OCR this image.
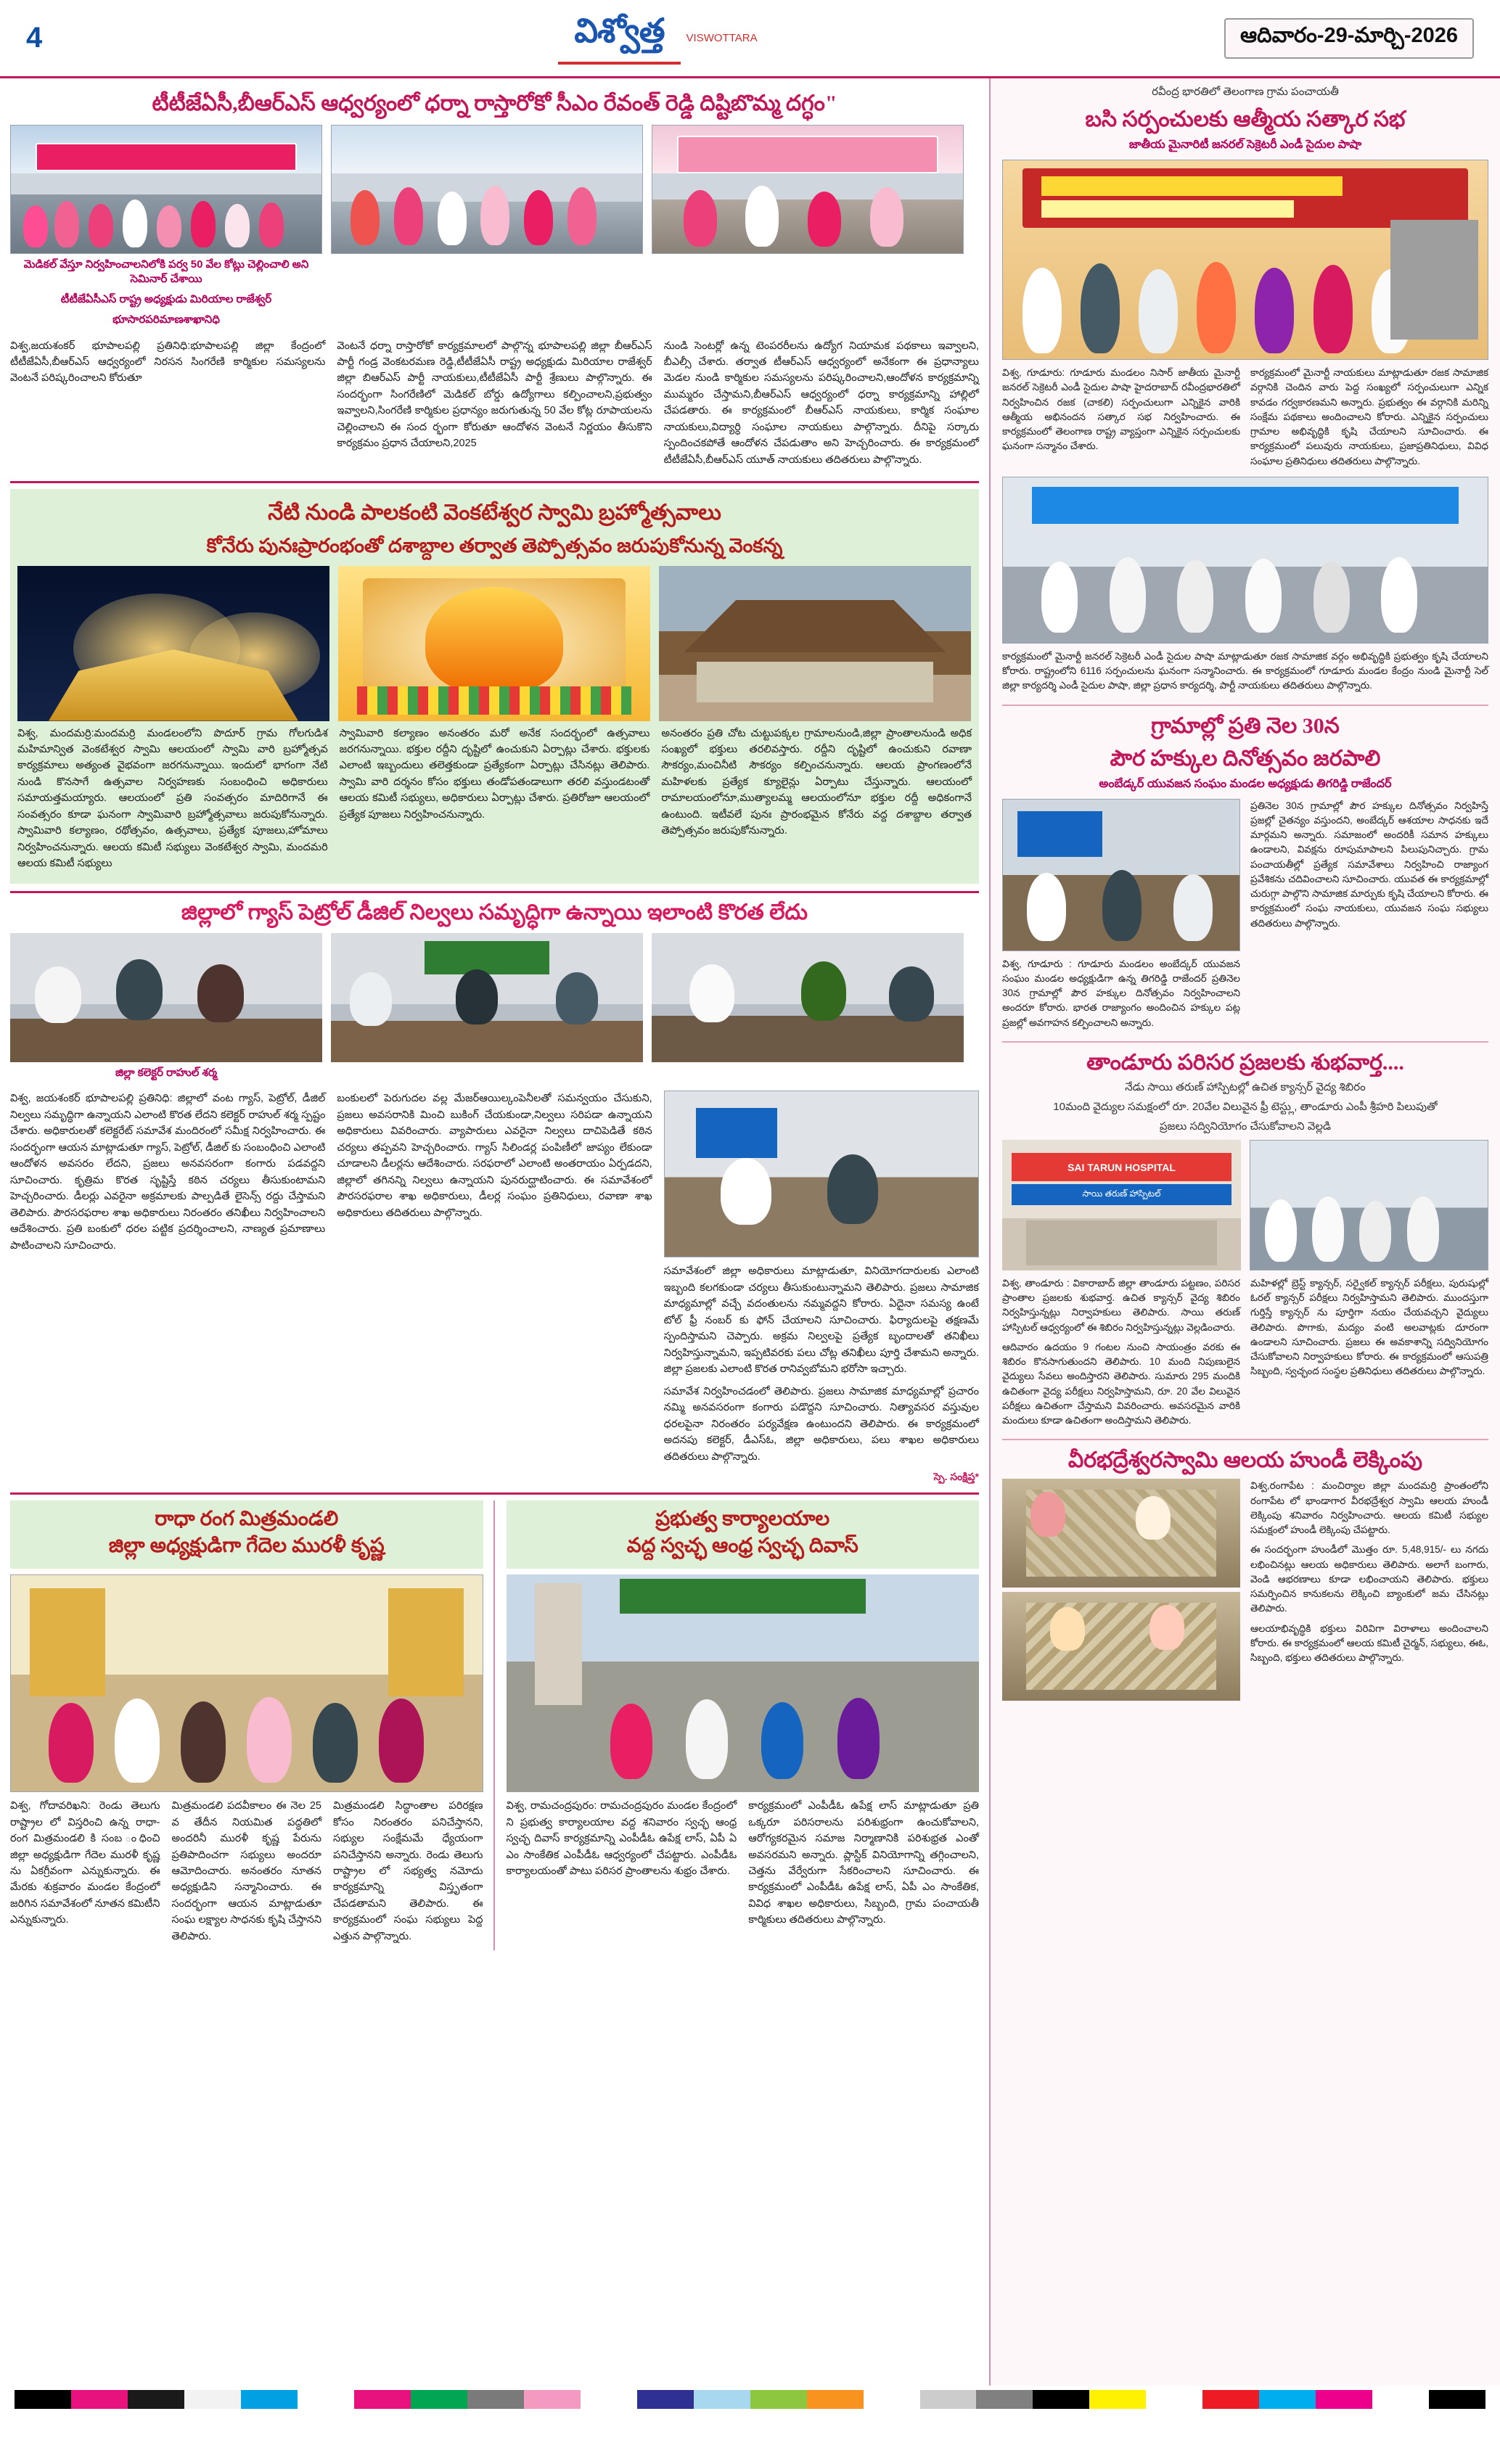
4	విశ్వోత్త	VISWOTTARA	ఆదివారం-29-మార్చి-2026
టీటీజేఏసీ,బీఆర్ఎస్ ఆధ్వర్యంలో ధర్నా రాస్తారోకో సీఎం రేవంత్ రెడ్డి దిష్టిబొమ్మ దగ్ధం"
మెడికల్ వేస్తూ నిర్వహించాలనిలోకి పర్వ 50 వేల కోట్లు చెల్లించాలి అని సెమినార్ చేశాయి
టీటీజేఏసీఎస్ రాష్ట్ర అధ్యక్షుడు మిరియాల రాజేశ్వర్
భూసారపరిమాణశాఖానిధి

విశ్వ,జయశంకర్ భూపాలపల్లి ప్రతినిధి:భూపాలపల్లి జిల్లా కేంద్రంలో టీటీజేఏసీ,బీఆర్ఎస్ ఆధ్వర్యంలో నిరసన సింగరేణి కార్మికుల సమస్యలను వెంటనే పరిష్కరించాలని కోరుతూ

వెంటనే ధర్నా రాస్తారోకో కార్యక్రమాలలో పాల్గొన్న భూపాలపల్లి జిల్లా బీఆర్ఎస్ పార్టీ గండ్ర వెంకటరమణ రెడ్డి,టీటీజేఏసీ రాష్ట్ర అధ్యక్షుడు మిరియాల రాజేశ్వర్ జిల్లా బిఆర్ఎస్ పార్టీ నాయకులు,టీటీజేఏసీ పార్టీ శ్రేణులు పాల్గొన్నారు. ఈ సందర్భంగా సింగరేణిలో మెడికల్ బోర్డు ఉద్యోగాలు కల్పించాలని,ప్రభుత్వం ఇవ్వాలని,సింగరేణి కార్మికుల ప్రధాన్యం జరుగుతున్న 50 వేల కోట్ల రూపాయలను చెల్లించాలని ఈ సంద ర్భంగా కోరుతూ ఆందోళన వెంటనే నిర్ణయం తీసుకొని కార్యక్రమం ప్రధాన చేయాలని,2025

నుండి సెంటర్లో ఉన్న టెంపరరీలను ఉద్యోగ నియామక పథకాలు ఇవ్వాలని, బీఎల్సీ చేశారు. తర్వాత టీఆర్ఎస్ ఆధ్వర్యంలో అనేకంగా ఈ ప్రధాన్యాలు మెడల నుండి కార్మికుల సమస్యలను పరిష్కరించాలని,ఆందోళన కార్యక్రమాన్ని ముమ్మరం చేస్తామని,బీఆర్ఎస్ ఆధ్వర్యంలో ధర్నా కార్యక్రమాన్ని హాల్లిలో చేపడతారు. ఈ కార్యక్రమంలో బీఆర్ఎస్ నాయకులు, కార్మిక సంఘాల నాయకులు,విద్యార్ధి సంఘాల నాయకులు పాల్గొన్నారు. దీనిపై సర్కారు స్పందించకపోతే ఆందోళన చేపడుతాం అని హెచ్చరించారు. ఈ కార్యక్రమంలో టీటీజేఏసీ,బీఆర్ఎస్ యూత్ నాయకులు తదితరులు పాల్గొన్నారు.

నేటి నుండి పాలకంటి వెంకటేశ్వర స్వామి బ్రహ్మోత్సవాలు
కోనేరు పునఃప్రారంభంతో దశాబ్దాల తర్వాత తెప్పోత్సవం జరుపుకోనున్న వెంకన్న

విశ్వ, మందమర్రి:మందమర్రి మండలంలోని పొదూర్ గ్రామ గోలగుడిశ మహిమాన్విత వెంకటేశ్వర స్వామి ఆలయంలో స్వామి వారి బ్రహ్మోత్సవ కార్యక్రమాలు అత్యంత వైభవంగా జరగనున్నాయి. ఇందులో భాగంగా నేటి నుండి కొనసాగే ఉత్సవాల నిర్వహణకు సంబంధించి అధికారులు సమాయత్తమయ్యారు. ఆలయంలో ప్రతి సంవత్సరం మాదిరిగానే ఈ సంవత్సరం కూడా ఘనంగా స్వామివారి బ్రహ్మోత్సవాలు జరుపుకోనున్నారు. స్వామివారి కల్యాణం, రథోత్సవం, ఉత్సవాలు, ప్రత్యేక పూజలు,హోమాలు నిర్వహించనున్నారు. ఆలయ కమిటీ సభ్యులు వెంకటేశ్వర స్వామి, మందమరి ఆలయ కమిటీ సభ్యులు

స్వామివారి కల్యాణం అనంతరం మరో అనేక సందర్భంలో ఉత్సవాలు జరగనున్నాయి. భక్తుల రద్దీని దృష్టిలో ఉంచుకుని ఏర్పాట్లు చేశారు. భక్తులకు ఎలాంటి ఇబ్బందులు తలెత్తకుండా ప్రత్యేకంగా ఏర్పాట్లు చేసినట్లు తెలిపారు. స్వామి వారి దర్శనం కోసం భక్తులు తండోపతండాలుగా తరలి వస్తుండటంతో ఆలయ కమిటీ సభ్యులు, అధికారులు ఏర్పాట్లు చేశారు. ప్రతిరోజూ ఆలయంలో ప్రత్యేక పూజలు నిర్వహించనున్నారు.

అనంతరం ప్రతి చోట చుట్టుపక్కల గ్రామాలనుండి,జిల్లా ప్రాంతాలనుండి అధిక సంఖ్యలో భక్తులు తరలివస్తారు. రద్దీని దృష్టిలో ఉంచుకుని రవాణా సౌకర్యం,మంచినీటి సౌకర్యం కల్పించనున్నారు. ఆలయ ప్రాంగణంలోనే మహిళలకు ప్రత్యేక క్యూలైన్లు ఏర్పాటు చేస్తున్నారు. ఆలయంలో రామాలయంలోనూ,ముత్యాలమ్మ ఆలయంలోనూ భక్తుల రద్దీ అధికంగానే ఉంటుంది. ఇటీవలే పునః ప్రారంభమైన కోనేరు వద్ద దశాబ్దాల తర్వాత తెప్పోత్సవం జరుపుకోనున్నారు.

జిల్లాలో గ్యాస్ పెట్రోల్ డీజిల్ నిల్వలు సమృద్ధిగా ఉన్నాయి ఇలాంటి కొరత లేదు
జిల్లా కలెక్టర్ రాహుల్ శర్మ

విశ్వ, జయశంకర్ భూపాలపల్లి ప్రతినిధి: జిల్లాలో వంట గ్యాస్, పెట్రోల్, డీజిల్ నిల్వలు సమృద్ధిగా ఉన్నాయని ఎలాంటి కొరత లేదని కలెక్టర్ రాహుల్ శర్మ స్పష్టం చేశారు. అధికారులతో కలెక్టరేట్ సమావేశ మందిరంలో సమీక్ష నిర్వహించారు. ఈ సందర్భంగా ఆయన మాట్లాడుతూ గ్యాస్, పెట్రోల్, డీజిల్ కు సంబంధించి ఎలాంటి ఆందోళన అవసరం లేదని, ప్రజలు అనవసరంగా కంగారు పడవద్దని సూచించారు. కృత్రిమ కొరత సృష్టిస్తే కఠిన చర్యలు తీసుకుంటామని హెచ్చరించారు. డీలర్లు ఎవరైనా అక్రమాలకు పాల్పడితే లైసెన్స్ రద్దు చేస్తామని తెలిపారు. పౌరసరఫరాల శాఖ అధికారులు నిరంతరం తనిఖీలు నిర్వహించాలని ఆదేశించారు. ప్రతి బంకులో ధరల పట్టిక ప్రదర్శించాలని, నాణ్యత ప్రమాణాలు పాటించాలని సూచించారు.

బంకులలో పెరుగుదల వల్ల మేజర్ఆయిల్కంపెనీలతో సమన్వయం చేసుకుని, ప్రజలు అవసరానికి మించి బుకింగ్ చేయకుండా,నిల్వలు సరిపడా ఉన్నాయని అధికారులు వివరించారు. వ్యాపారులు ఎవరైనా నిల్వలు దాచిపెడితే కఠిన చర్యలు తప్పవని హెచ్చరించారు. గ్యాస్ సిలిండర్ల పంపిణీలో జాప్యం లేకుండా చూడాలని డీలర్లను ఆదేశించారు. సరఫరాలో ఎలాంటి అంతరాయం ఏర్పడదని, జిల్లాలో తగినన్ని నిల్వలు ఉన్నాయని పునరుద్ఘాటించారు. ఈ సమావేశంలో పౌరసరఫరాల శాఖ అధికారులు, డీలర్ల సంఘం ప్రతినిధులు, రవాణా శాఖ అధికారులు తదితరులు పాల్గొన్నారు.

సమావేశంలో జిల్లా అధికారులు మాట్లాడుతూ, వినియోగదారులకు ఎలాంటి ఇబ్బంది కలగకుండా చర్యలు తీసుకుంటున్నామని తెలిపారు. ప్రజలు సామాజిక మాధ్యమాల్లో వచ్చే వదంతులను నమ్మవద్దని కోరారు. ఏదైనా సమస్య ఉంటే టోల్ ఫ్రీ నంబర్ కు ఫోన్ చేయాలని సూచించారు. ఫిర్యాదులపై తక్షణమే స్పందిస్తామని చెప్పారు. అక్రమ నిల్వలపై ప్రత్యేక బృందాలతో తనిఖీలు నిర్వహిస్తున్నామని, ఇప్పటివరకు పలు చోట్ల తనిఖీలు పూర్తి చేశామని అన్నారు. జిల్లా ప్రజలకు ఎలాంటి కొరత రానివ్వబోమని భరోసా ఇచ్చారు.

సమావేశ నిర్వహించడంలో తెలిపారు. ప్రజలు సామాజిక మాధ్యమాల్లో ప్రచారం నమ్మి అనవసరంగా కంగారు పడొద్దని సూచించారు. నిత్యావసర వస్తువుల ధరలపైనా నిరంతరం పర్యవేక్షణ ఉంటుందని తెలిపారు. ఈ కార్యక్రమంలో అదనపు కలెక్టర్, డీఎస్ఓ, జిల్లా అధికారులు, పలు శాఖల అధికారులు తదితరులు పాల్గొన్నారు.

స్పె. సంక్షిప్త*
రాధా రంగ మిత్రమండలి
జిల్లా అధ్యక్షుడిగా గేదెల మురళీ కృష్ణ

విశ్వ, గోదావరిఖని: రెండు తెలుగు రాష్ట్రాల లో విస్తరించి ఉన్న రాధా-రంగ మిత్రమండలి కి సంబ ంధించి జిల్లా అధ్యక్షుడిగా గేదెల మురళీ కృష్ణ ను ఏకగ్రీవంగా ఎన్నుకున్నారు. ఈ మేరకు శుక్రవారం మండల కేంద్రంలో జరిగిన సమావేశంలో నూతన కమిటీని ఎన్నుకున్నారు.

మిత్రమండలి పదవీకాలం ఈ నెల 25 వ తేదీన నియమిత పద్ధతిలో అందరినీ మురళీ కృష్ణ పేరును ప్రతిపాదించగా సభ్యులు అందరూ ఆమోదించారు. అనంతరం నూతన అధ్యక్షుడిని సన్మానించారు. ఈ సందర్భంగా ఆయన మాట్లాడుతూ సంఘ లక్ష్యాల సాధనకు కృషి చేస్తానని తెలిపారు.

మిత్రమండలి సిద్ధాంతాల పరిరక్షణ కోసం నిరంతరం పనిచేస్తానని, సభ్యుల సంక్షేమమే ధ్యేయంగా పనిచేస్తానని అన్నారు. రెండు తెలుగు రాష్ట్రాల లో సభ్యత్వ నమోదు కార్యక్రమాన్ని విస్తృతంగా చేపడతామని తెలిపారు. ఈ కార్యక్రమంలో సంఘ సభ్యులు పెద్ద ఎత్తున పాల్గొన్నారు.

ప్రభుత్వ కార్యాలయాల
వద్ద స్వచ్ఛ ఆంధ్ర స్వచ్ఛ దివాస్

విశ్వ, రామచంద్రపురం: రామచంద్రపురం మండల కేంద్రంలో ని ప్రభుత్వ కార్యాలయాల వద్ద శనివారం స్వచ్ఛ ఆంధ్ర స్వచ్ఛ దివాస్ కార్యక్రమాన్ని ఎంపీడీఓ ఉపేక్ష లాస్, ఏపీ ఏ ఎం సాంకేతిక ఎంపీడీఓ ఆధ్వర్యంలో చేపట్టారు. ఎంపీడీఓ కార్యాలయంతో పాటు పరిసర ప్రాంతాలను శుభ్రం చేశారు.

కార్యక్రమంలో ఎంపీడీఓ ఉపేక్ష లాస్ మాట్లాడుతూ ప్రతి ఒక్కరూ పరిసరాలను పరిశుభ్రంగా ఉంచుకోవాలని, ఆరోగ్యకరమైన సమాజ నిర్మాణానికి పరిశుభ్రత ఎంతో అవసరమని అన్నారు. ప్లాస్టిక్ వినియోగాన్ని తగ్గించాలని, చెత్తను వేర్వేరుగా సేకరించాలని సూచించారు. ఈ కార్యక్రమంలో ఎంపీడీఓ ఉపేక్ష లాస్, ఏపీ ఎం సాంకేతిక, వివిధ శాఖల అధికారులు, సిబ్బంది, గ్రామ పంచాయతీ కార్మికులు తదితరులు పాల్గొన్నారు.

రవీంద్ర భారతిలో తెలంగాణ గ్రామ పంచాయతీ
బసి సర్పంచులకు ఆత్మీయ సత్కార సభ
జాతీయ మైనారిటీ జనరల్ సెక్రెటరీ ఎండీ సైదుల పాషా

విశ్వ, గూడూరు: గూడూరు మండలం నిసార్ జాతీయ మైనార్టీ జనరల్ సెక్రెటరీ ఎండీ సైదుల పాషా హైదరాబాద్ రవీంద్రభారతిలో నిర్వహించిన రజక (చాకలి) సర్పంచులుగా ఎన్నికైన వారికి ఆత్మీయ అభినందన సత్కార సభ నిర్వహించారు. ఈ కార్యక్రమంలో తెలంగాణ రాష్ట్ర వ్యాప్తంగా ఎన్నికైన సర్పంచులకు ఘనంగా సన్మానం చేశారు.

కార్యక్రమంలో మైనార్టీ నాయకులు మాట్లాడుతూ రజక సామాజిక వర్గానికి చెందిన వారు పెద్ద సంఖ్యలో సర్పంచులుగా ఎన్నిక కావడం గర్వకారణమని అన్నారు. ప్రభుత్వం ఈ వర్గానికి మరిన్ని సంక్షేమ పథకాలు అందించాలని కోరారు. ఎన్నికైన సర్పంచులు గ్రామాల అభివృద్ధికి కృషి చేయాలని సూచించారు. ఈ కార్యక్రమంలో పలువురు నాయకులు, ప్రజాప్రతినిధులు, వివిధ సంఘాల ప్రతినిధులు తదితరులు పాల్గొన్నారు.

కార్యక్రమంలో మైనార్టీ జనరల్ సెక్రెటరీ ఎండీ సైదుల పాషా మాట్లాడుతూ రజక సామాజిక వర్గం అభివృద్ధికి ప్రభుత్వం కృషి చేయాలని కోరారు. రాష్ట్రంలోని 6116 సర్పంచులను ఘనంగా సన్మానించారు. ఈ కార్యక్రమంలో గూడూరు మండల కేంద్రం నుండి మైనార్టీ సెల్ జిల్లా కార్యదర్శి ఎండీ సైదుల పాషా, జిల్లా ప్రధాన కార్యదర్శి, పార్టీ నాయకులు తదితరులు పాల్గొన్నారు.

గ్రామాల్లో ప్రతి నెల 30న
పౌర హక్కుల దినోత్సవం జరపాలి
అంబేడ్కర్ యువజన సంఘం మండల అధ్యక్షుడు తిగరిడ్డి రాజేందర్

విశ్వ, గూడూరు : గూడూరు మండలం అంబేద్కర్ యువజన సంఘం మండల అధ్యక్షుడిగా ఉన్న తిగరిడ్డి రాజేందర్ ప్రతినెల 30న గ్రామాల్లో పౌర హక్కుల దినోత్సవం నిర్వహించాలని అందరూ కోరారు. భారత రాజ్యాంగం అందించిన హక్కుల పట్ల ప్రజల్లో అవగాహన కల్పించాలని అన్నారు.

ప్రతినెల 30న గ్రామాల్లో పౌర హక్కుల దినోత్సవం నిర్వహిస్తే ప్రజల్లో చైతన్యం వస్తుందని, అంబేద్కర్ ఆశయాల సాధనకు ఇదే మార్గమని అన్నారు. సమాజంలో అందరికీ సమాన హక్కులు ఉండాలని, వివక్షను రూపుమాపాలని పిలుపునిచ్చారు. గ్రామ పంచాయతీల్లో ప్రత్యేక సమావేశాలు నిర్వహించి రాజ్యాంగ ప్రవేశికను చదివించాలని సూచించారు. యువత ఈ కార్యక్రమాల్లో చురుగ్గా పాల్గొని సామాజిక మార్పుకు కృషి చేయాలని కోరారు. ఈ కార్యక్రమంలో సంఘ నాయకులు, యువజన సంఘ సభ్యులు తదితరులు పాల్గొన్నారు.

తాండూరు పరిసర ప్రజలకు శుభవార్త....
నేడు సాయి తరుణ్ హాస్పిటల్లో ఉచిత క్యాన్సర్ వైద్య శిబిరం
10మంది వైద్యుల సమక్షంలో రూ. 20వేల విలువైన ఫ్రీ టెస్ట్లు, తాండూరు ఎంపీ శ్రీహరి పిలుపుతో
ప్రజలు సద్వినియోగం చేసుకోవాలని వెల్లడి
SAI TARUN HOSPITAL
సాయి తరుణ్ హాస్పిటల్

విశ్వ, తాండూరు : వికారాబాద్ జిల్లా తాండూరు పట్టణం, పరిసర ప్రాంతాల ప్రజలకు శుభవార్త. ఉచిత క్యాన్సర్ వైద్య శిబిరం నిర్వహిస్తున్నట్లు నిర్వాహకులు తెలిపారు. సాయి తరుణ్ హాస్పిటల్ ఆధ్వర్యంలో ఈ శిబిరం నిర్వహిస్తున్నట్లు వెల్లడించారు.

ఆదివారం ఉదయం 9 గంటల నుంచి సాయంత్రం వరకు ఈ శిబిరం కొనసాగుతుందని తెలిపారు. 10 మంది నిపుణులైన వైద్యులు సేవలు అందిస్తారని తెలిపారు. సుమారు 295 మందికి ఉచితంగా వైద్య పరీక్షలు నిర్వహిస్తామని, రూ. 20 వేల విలువైన పరీక్షలు ఉచితంగా చేస్తామని వివరించారు. అవసరమైన వారికి మందులు కూడా ఉచితంగా అందిస్తామని తెలిపారు.

మహిళల్లో బ్రెస్ట్ క్యాన్సర్, సర్వైకల్ క్యాన్సర్ పరీక్షలు, పురుషుల్లో ఓరల్ క్యాన్సర్ పరీక్షలు నిర్వహిస్తామని తెలిపారు. ముందస్తుగా గుర్తిస్తే క్యాన్సర్ ను పూర్తిగా నయం చేయవచ్చని వైద్యులు తెలిపారు. పొగాకు, మద్యం వంటి అలవాట్లకు దూరంగా ఉండాలని సూచించారు. ప్రజలు ఈ అవకాశాన్ని సద్వినియోగం చేసుకోవాలని నిర్వాహకులు కోరారు. ఈ కార్యక్రమంలో ఆసుపత్రి సిబ్బంది, స్వచ్ఛంద సంస్థల ప్రతినిధులు తదితరులు పాల్గొన్నారు.

వీరభద్రేశ్వరస్వామి ఆలయ హుండీ లెక్కింపు

విశ్వ,రంగాపేట : మంచిర్యాల జిల్లా మందమర్రి ప్రాంతంలోని రంగాపేట లో భాండాగార వీరభద్రేశ్వర స్వామి ఆలయ హుండీ లెక్కింపు శనివారం నిర్వహించారు. ఆలయ కమిటీ సభ్యుల సమక్షంలో హుండీ లెక్కింపు చేపట్టారు.

ఈ సందర్భంగా హుండీలో మొత్తం రూ. 5,48,915/- లు నగదు లభించినట్లు ఆలయ అధికారులు తెలిపారు. అలాగే బంగారు, వెండి ఆభరణాలు కూడా లభించాయని తెలిపారు. భక్తులు సమర్పించిన కానుకలను లెక్కించి బ్యాంకులో జమ చేసినట్లు తెలిపారు.

ఆలయాభివృద్ధికి భక్తులు విరివిగా విరాళాలు అందించాలని కోరారు. ఈ కార్యక్రమంలో ఆలయ కమిటీ చైర్మన్, సభ్యులు, ఈఓ, సిబ్బంది, భక్తులు తదితరులు పాల్గొన్నారు.
